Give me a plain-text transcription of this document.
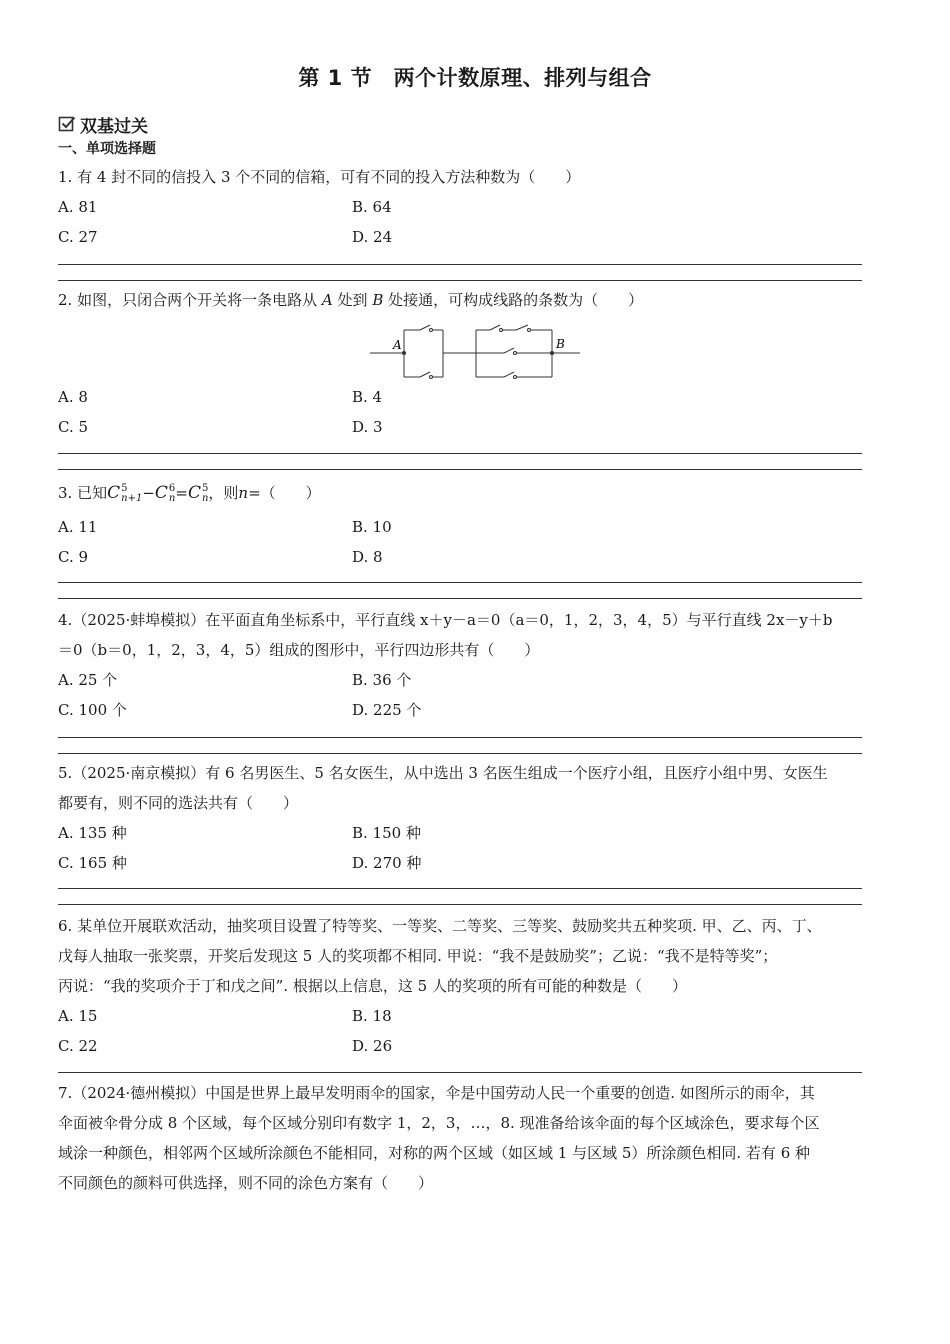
第 1 节　两个计数原理、排列与组合
双基过关
一、单项选择题
1. 有 4 封不同的信投入 3 个不同的信箱，可有不同的投入方法种数为（　　）
A. 81	B. 64
C. 27	D. 24
2. 如图，只闭合两个开关将一条电路从 A 处到 B 处接通，可构成线路的条数为（　　）
A	B
A. 8	B. 4
C. 5	D. 3
3. 已知C 5
n+1 −C 6
n =C 5
n ，则n=（　　）
A. 11	B. 10
C. 9	D. 8
4.（2025·蚌埠模拟）在平面直角坐标系中，平行直线 x＋y－a＝0（a＝0，1，2，3，4，5）与平行直线 2x－y＋b
＝0（b＝0，1，2，3，4，5）组成的图形中，平行四边形共有（　　）
A. 25 个	B. 36 个
C. 100 个	D. 225 个
5.（2025·南京模拟）有 6 名男医生、5 名女医生，从中选出 3 名医生组成一个医疗小组，且医疗小组中男、女医生
都要有，则不同的选法共有（　　）
A. 135 种	B. 150 种
C. 165 种	D. 270 种
6. 某单位开展联欢活动，抽奖项目设置了特等奖、一等奖、二等奖、三等奖、鼓励奖共五种奖项. 甲、乙、丙、丁、
戊每人抽取一张奖票，开奖后发现这 5 人的奖项都不相同. 甲说：“我不是鼓励奖”；乙说：“我不是特等奖”；
丙说：“我的奖项介于丁和戊之间”. 根据以上信息，这 5 人的奖项的所有可能的种数是（　　）
A. 15	B. 18
C. 22	D. 26
7.（2024·德州模拟）中国是世界上最早发明雨伞的国家，伞是中国劳动人民一个重要的创造. 如图所示的雨伞，其
伞面被伞骨分成 8 个区域，每个区域分别印有数字 1，2，3，…，8. 现准备给该伞面的每个区域涂色，要求每个区
域涂一种颜色，相邻两个区域所涂颜色不能相同，对称的两个区域（如区域 1 与区域 5）所涂颜色相同. 若有 6 种
不同颜色的颜料可供选择，则不同的涂色方案有（　　）
